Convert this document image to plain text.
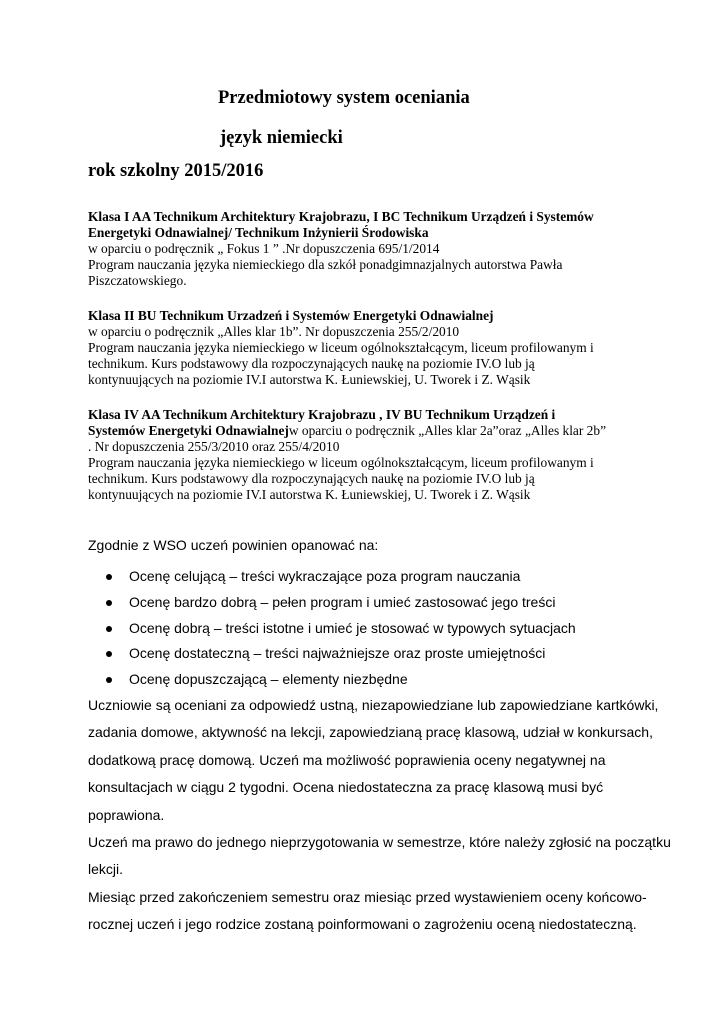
Przedmiotowy system oceniania
język niemiecki
rok szkolny 2015/2016
Klasa I AA Technikum Architektury Krajobrazu, I BC Technikum Urządzeń i Systemów
Energetyki Odnawialnej/ Technikum Inżynierii Środowiska
w oparciu o podręcznik „ Fokus 1 ” .Nr dopuszczenia 695/1/2014
Program nauczania języka niemieckiego dla szkół ponadgimnazjalnych autorstwa Pawła
Piszczatowskiego.
Klasa II BU Technikum Urzadzeń i Systemów Energetyki Odnawialnej
w oparciu o podręcznik „Alles klar 1b”. Nr dopuszczenia 255/2/2010
Program nauczania języka niemieckiego w liceum ogólnokształcącym, liceum profilowanym i
technikum. Kurs podstawowy dla rozpoczynających naukę na poziomie IV.O lub ją
kontynuujących na poziomie IV.I autorstwa K. Łuniewskiej, U. Tworek i Z. Wąsik
Klasa IV AA Technikum Architektury Krajobrazu , IV BU Technikum Urządzeń i
Systemów Energetyki Odnawialnejw oparciu o podręcznik „Alles klar 2a”oraz „Alles klar 2b”
. Nr dopuszczenia 255/3/2010 oraz 255/4/2010
Program nauczania języka niemieckiego w liceum ogólnokształcącym, liceum profilowanym i
technikum. Kurs podstawowy dla rozpoczynających naukę na poziomie IV.O lub ją
kontynuujących na poziomie IV.I autorstwa K. Łuniewskiej, U. Tworek i Z. Wąsik
Zgodnie z WSO uczeń powinien opanować na:
Ocenę celującą – treści wykraczające poza program nauczania
Ocenę bardzo dobrą – pełen program i umieć zastosować jego treści
Ocenę dobrą – treści istotne i umieć je stosować w typowych sytuacjach
Ocenę dostateczną – treści najważniejsze oraz proste umiejętności
Ocenę dopuszczającą – elementy niezbędne
Uczniowie są oceniani za odpowiedź ustną, niezapowiedziane lub zapowiedziane kartkówki,
zadania domowe, aktywność na lekcji, zapowiedzianą pracę klasową, udział w konkursach,
dodatkową pracę domową. Uczeń ma możliwość poprawienia oceny negatywnej na
konsultacjach w ciągu 2 tygodni. Ocena niedostateczna za pracę klasową musi być
poprawiona.
Uczeń ma prawo do jednego nieprzygotowania w semestrze, które należy zgłosić na początku
lekcji.
Miesiąc przed zakończeniem semestru oraz miesiąc przed wystawieniem oceny końcowo-
rocznej uczeń i jego rodzice zostaną poinformowani o zagrożeniu oceną niedostateczną.
